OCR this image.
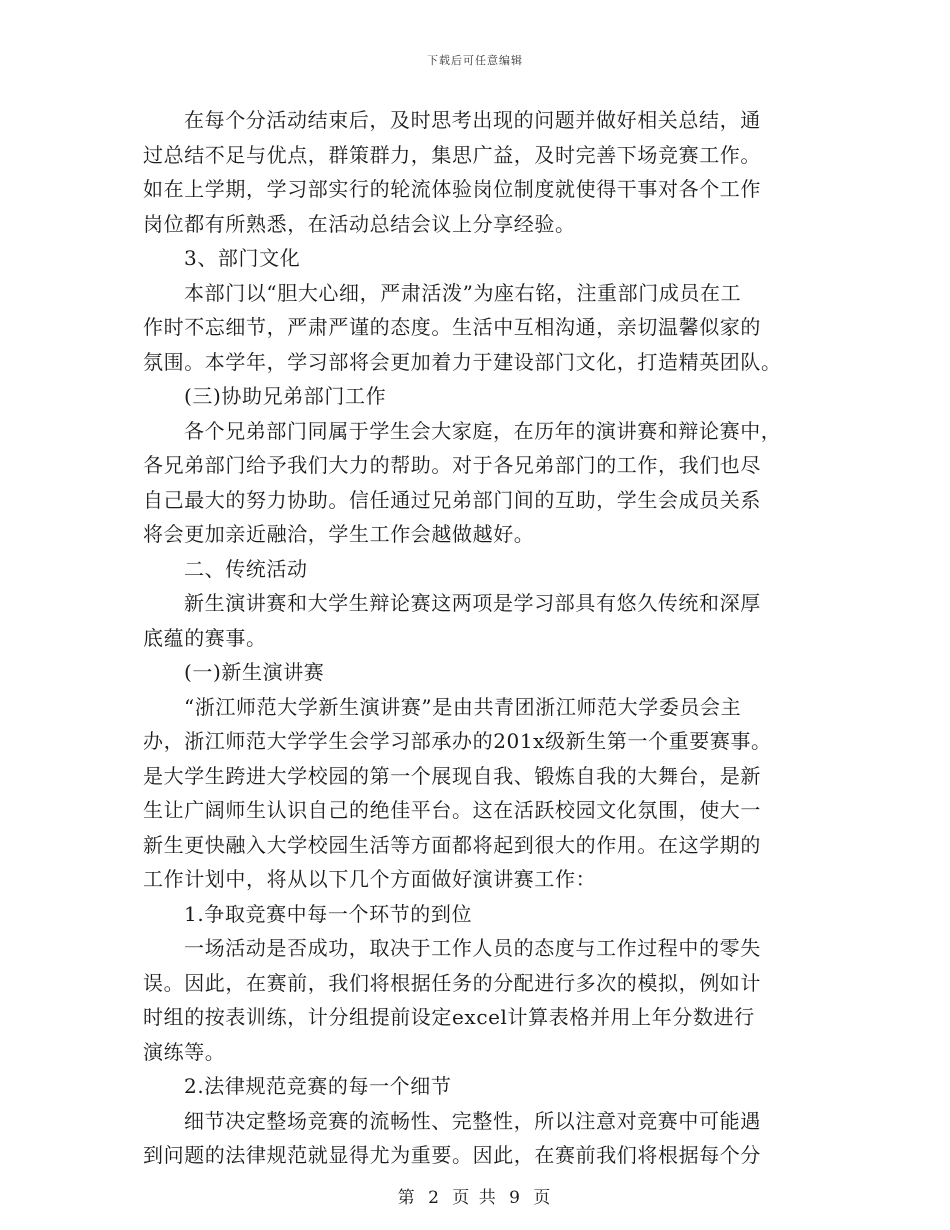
下载后可任意编辑
在每个分活动结束后，及时思考出现的问题并做好相关总结，通
过总结不足与优点，群策群力，集思广益，及时完善下场竞赛工作。
如在上学期，学习部实行的轮流体验岗位制度就使得干事对各个工作
岗位都有所熟悉，在活动总结会议上分享经验。
3、部门文化
本部门以“胆大心细，严肃活泼”为座右铭，注重部门成员在工
作时不忘细节，严肃严谨的态度。生活中互相沟通，亲切温馨似家的
氛围。本学年，学习部将会更加着力于建设部门文化，打造精英团队。
(三)协助兄弟部门工作
各个兄弟部门同属于学生会大家庭，在历年的演讲赛和辩论赛中，
各兄弟部门给予我们大力的帮助。对于各兄弟部门的工作，我们也尽
自己最大的努力协助。信任通过兄弟部门间的互助，学生会成员关系
将会更加亲近融洽，学生工作会越做越好。
二、传统活动
新生演讲赛和大学生辩论赛这两项是学习部具有悠久传统和深厚
底蕴的赛事。
(一)新生演讲赛
“浙江师范大学新生演讲赛”是由共青团浙江师范大学委员会主
办，浙江师范大学学生会学习部承办的201x级新生第一个重要赛事。
是大学生跨进大学校园的第一个展现自我、锻炼自我的大舞台，是新
生让广阔师生认识自己的绝佳平台。这在活跃校园文化氛围，使大一
新生更快融入大学校园生活等方面都将起到很大的作用。在这学期的
工作计划中，将从以下几个方面做好演讲赛工作：
1.争取竞赛中每一个环节的到位
一场活动是否成功，取决于工作人员的态度与工作过程中的零失
误。因此，在赛前，我们将根据任务的分配进行多次的模拟，例如计
时组的按表训练，计分组提前设定excel计算表格并用上年分数进行
演练等。
2.法律规范竞赛的每一个细节
细节决定整场竞赛的流畅性、完整性，所以注意对竞赛中可能遇
到问题的法律规范就显得尤为重要。因此，在赛前我们将根据每个分
第 2 页 共 9 页
